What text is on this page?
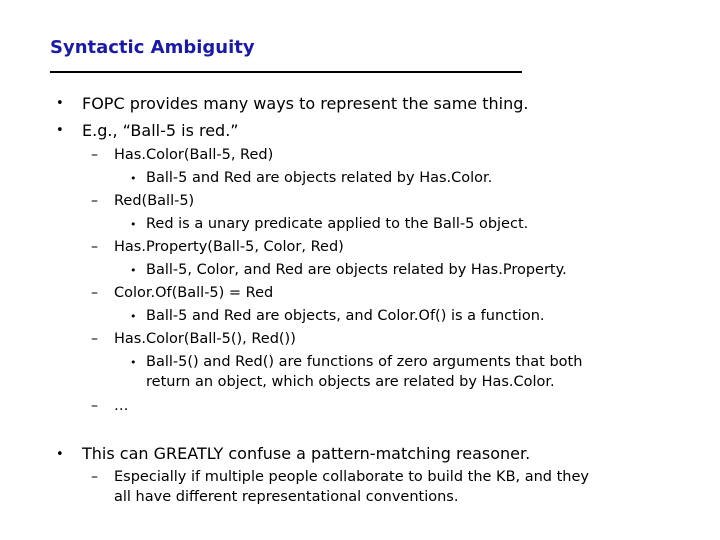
Syntactic Ambiguity
• FOPC provides many ways to represent the same thing.
• E.g., “Ball-5 is red.”
– Has.Color(Ball-5, Red)
• Ball-5 and Red are objects related by Has.Color.
– Red(Ball-5)
• Red is a unary predicate applied to the Ball-5 object.
– Has.Property(Ball-5, Color, Red)
• Ball-5, Color, and Red are objects related by Has.Property.
– Color.Of(Ball-5) = Red
• Ball-5 and Red are objects, and Color.Of() is a function.
– Has.Color(Ball-5(), Red())
• Ball-5() and Red() are functions of zero arguments that both
return an object, which objects are related by Has.Color.
– …
• This can GREATLY confuse a pattern-matching reasoner.
– Especially if multiple people collaborate to build the KB, and they
all have different representational conventions.
